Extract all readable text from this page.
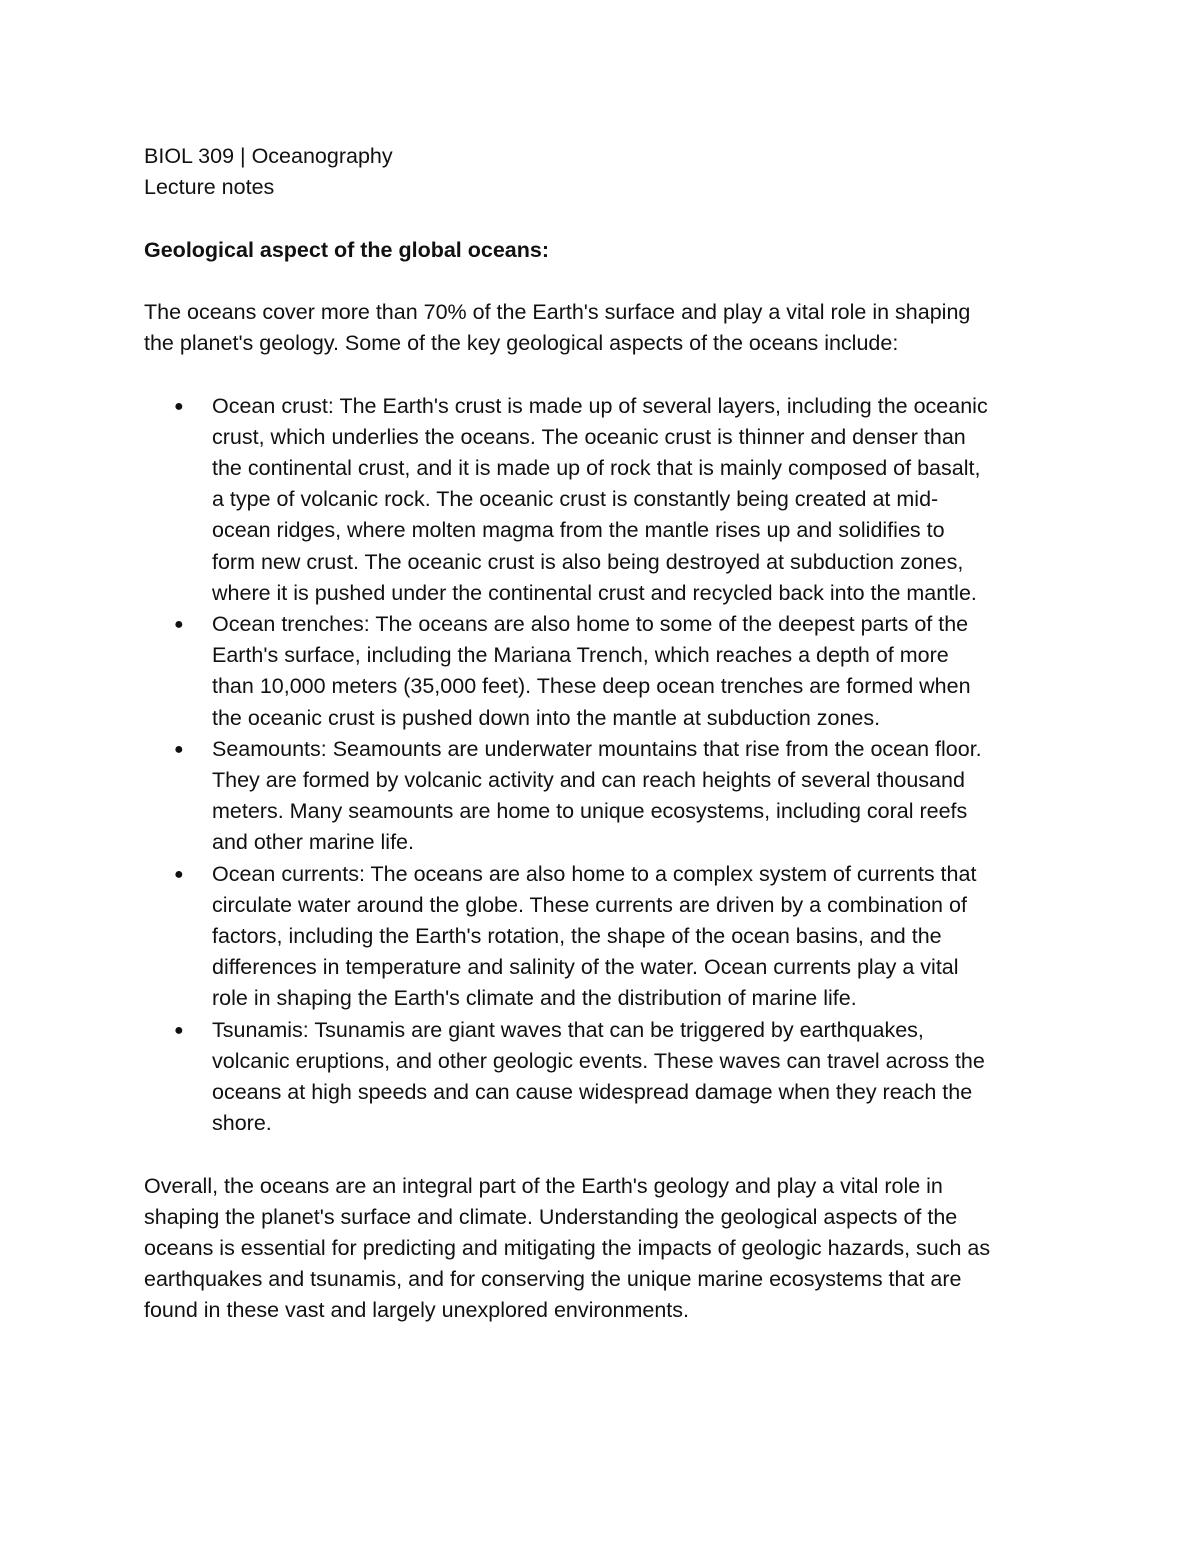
BIOL 309 | Oceanography

Lecture notes

Geological aspect of the global oceans:

The oceans cover more than 70% of the Earth's surface and play a vital role in shaping

the planet's geology. Some of the key geological aspects of the oceans include:

● Ocean crust: The Earth's crust is made up of several layers, including the oceanic

crust, which underlies the oceans. The oceanic crust is thinner and denser than

the continental crust, and it is made up of rock that is mainly composed of basalt,

a type of volcanic rock. The oceanic crust is constantly being created at mid-

ocean ridges, where molten magma from the mantle rises up and solidifies to

form new crust. The oceanic crust is also being destroyed at subduction zones,

where it is pushed under the continental crust and recycled back into the mantle.

● Ocean trenches: The oceans are also home to some of the deepest parts of the

Earth's surface, including the Mariana Trench, which reaches a depth of more

than 10,000 meters (35,000 feet). These deep ocean trenches are formed when

the oceanic crust is pushed down into the mantle at subduction zones.

● Seamounts: Seamounts are underwater mountains that rise from the ocean floor.

They are formed by volcanic activity and can reach heights of several thousand

meters. Many seamounts are home to unique ecosystems, including coral reefs

and other marine life.

● Ocean currents: The oceans are also home to a complex system of currents that

circulate water around the globe. These currents are driven by a combination of

factors, including the Earth's rotation, the shape of the ocean basins, and the

differences in temperature and salinity of the water. Ocean currents play a vital

role in shaping the Earth's climate and the distribution of marine life.

● Tsunamis: Tsunamis are giant waves that can be triggered by earthquakes,

volcanic eruptions, and other geologic events. These waves can travel across the

oceans at high speeds and can cause widespread damage when they reach the

shore.

Overall, the oceans are an integral part of the Earth's geology and play a vital role in

shaping the planet's surface and climate. Understanding the geological aspects of the

oceans is essential for predicting and mitigating the impacts of geologic hazards, such as

earthquakes and tsunamis, and for conserving the unique marine ecosystems that are

found in these vast and largely unexplored environments.
